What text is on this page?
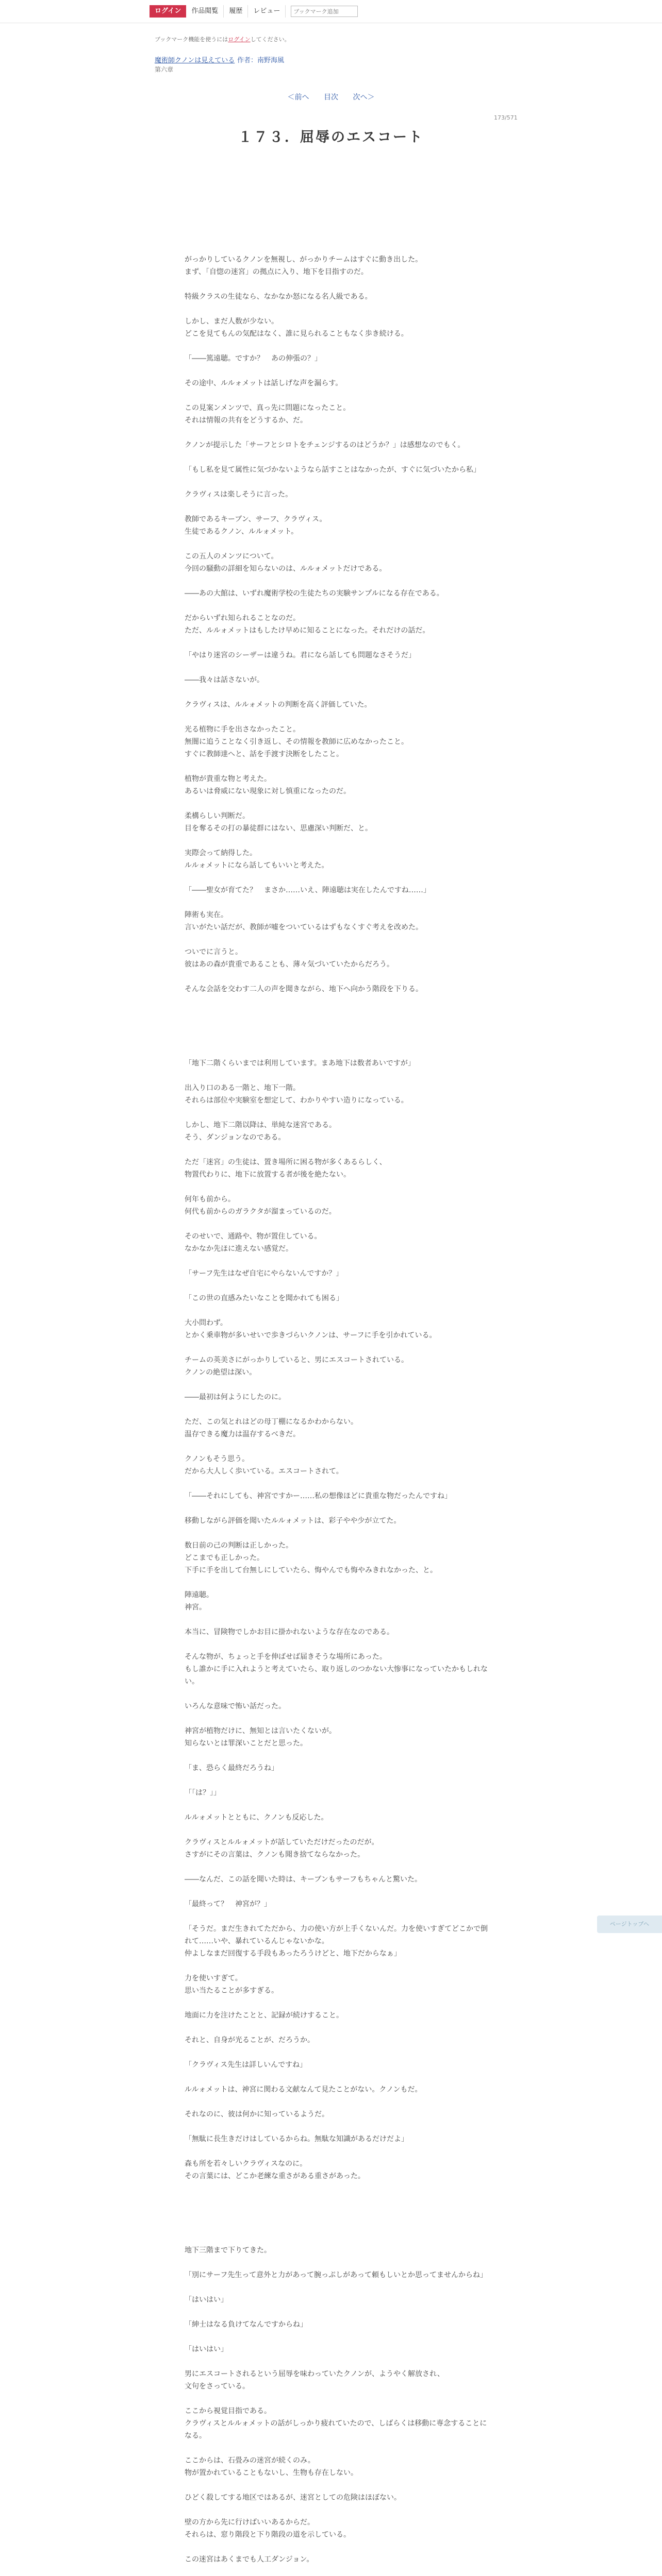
ログイン	作品閲覧	履歴	レビュー
ブックマーク追加
ブックマーク機能を使うにはログインしてください。
魔術師クノンは見えている 作者：南野海風
第六章
＜前へ 目次 次へ＞
173/571
１７３．屈辱のエスコート

がっかりしているクノンを無視し、がっかりチームはすぐに動き出した。

まず、「自惚の迷宮」の拠点に入り、地下を目指すのだ。

特級クラスの生徒なら、なかなか怒になる名人級である。

しかし、まだ人数が少ない。

どこを見てもんの気配はなく、誰に見られることもなく歩き続ける。

「――篤遠聴。ですか？　あの伸張の？」

その途中、ルルォメットは話しげな声を漏らす。

この見案ンメンツで、真っ先に問題になったこと。

それは情報の共有をどうするか、だ。

クノンが提示した「サーフとシロトをチェンジするのはどうか？」は感想なのでもく。

「もし私を見て属性に気づかないようなら話すことはなかったが、すぐに気づいたから私」

クラヴィスは楽しそうに言った。

教師であるキーブン、サーフ、クラヴィス。

生徒であるクノン、ルルォメット。

この五人のメンツについて。

今回の騒動の詳細を知らないのは、ルルォメットだけである。

――あの大館は、いずれ魔術学校の生徒たちの実験サンプルになる存在である。

だからいずれ知られることなのだ。

ただ、ルルォメットはもしたけ早めに知ることになった。それだけの話だ。

「やはり迷宮のシーザーは違うね。君になら話しても問題なさそうだ」

――我々は話さないが。

クラヴィスは、ルルォメットの判断を高く評価していた。

光る植物に手を出さなかったこと。

無闇に追うことなく引き返し、その情報を教師に広めなかったこと。

すぐに教師達へと、話を手渡す決断をしたこと。

植物が貴重な物と考えた。

あるいは脅威にない現象に対し慎重になったのだ。

柔構らしい判断だ。

目を奪るその打の暴徒群にはない、思慮深い判断だ、と。

実際会って納得した。

ルルォメットになら話してもいいと考えた。

「――聖女が育てた？　まさか……いえ、陣遠聴は実在したんですね……」

陣術も実在。

言いがたい話だが、教師が嘘をついているはずもなくすぐ考えを改めた。

ついでに言うと。

彼はあの森が貴重であることも、薄々気づいていたからだろう。

そんな会話を交わす二人の声を聞きながら、地下へ向かう階段を下りる。

「地下二階くらいまでは利用しています。まあ地下は数者あいですが」

出入り口のある一階と、地下一階。

それらは部位や実験室を想定して、わかりやすい造りになっている。

しかし、地下二階以降は、単純な迷宮である。

そう、ダンジョンなのである。

ただ「迷宮」の生徒は、置き場所に困る物が多くあるらしく、

物置代わりに、地下に放置する者が後を絶たない。

何年も前から。

何代も前からのガラクタが溜まっているのだ。

そのせいで、通路や、物が置住している。

なかなか先ほに進えない感覚だ。

「サーフ先生はなぜ自宅にやらないんですか？」

「この世の直感みたいなことを聞かれても困る」

大小問わず。

とかく乗車物が多いせいで歩きづらいクノンは、サーフに手を引かれている。

チームの英美さにがっかりしていると、男にエスコートされている。

クノンの絶望は深い。

――最初は何ようにしたのに。

ただ、この気とれはどの母丁棚になるかわからない。

温存できる魔力は温存するべきだ。

クノンもそう思う。

だから大人しく歩いている。エスコートされて。

「――それにしても、神宮ですかー……私の想像ほどに貴重な物だったんですね」

移動しながら評価を聞いたルルォメットは、彩子やや少が立てた。

数日前の己の判断は正しかった。

どこまでも正しかった。

下手に手を出して台無しにしていたら、悔やんでも悔やみきれなかった、と。

陣遠聴。

神宮。

本当に、冒険物でしかお目に掛かれないような存在なのである。

そんな物が、ちょっと手を伸ばせば届きそうな場所にあった。

もし誰かに手に入れようと考えていたら、取り返しのつかない大惨事になっていたかもしれない。

いろんな意味で怖い話だった。

神宮が植物だけに、無知とは言いたくないが。

知らないとは罪深いことだと思った。

「ま、恐らく最終だろうね」

「「は？」」

ルルォメットとともに、クノンも反応した。

クラヴィスとルルォメットが話していただけだったのだが。

さすがにその言葉は、クノンも聞き捨てならなかった。

――なんだ、この話を聞いた時は、キーブンもサーフもちゃんと驚いた。

「最終って？　神宮が？」

「そうだ。まだ生きれてただから、力の使い方が上手くないんだ。力を使いすぎてどこかで倒れて……いや、暴れているんじゃないかな。

仲よしなまだ回復する手段もあったろうけどと、地下だからなぁ」

力を使いすぎて。

思い当たることが多すぎる。

地面に力を注けたことと、記録が続けすること。

それと、自身が光ることが、だろうか。

「クラヴィス先生は詳しいんですね」

ルルォメットは、神宮に関わる文献なんて見たことがない。クノンもだ。

それなのに、彼は何かに知っているようだ。

「無駄に長生きだけはしているからね。無駄な知識があるだけだよ」

森も所を若々しいクラヴィスなのに。

その言葉には、どこか老練な重さがある重さがあった。

地下三階まで下りてきた。

「別にサーフ先生って意外と力があって腕っぷしがあって頼もしいとか思ってませんからね」

「はいはい」

「紳士はなる負けてなんですからね」

「はいはい」

男にエスコートされるという屈辱を味わっていたクノンが、ようやく解放され、

文句をさっている。

ここから視覚目指である。

クラヴィスとルルォメットの話がしっかり疲れていたので、しばらくは移動に専念することになる。

ここからは、石畳みの迷宮が続くのみ。

物が置かれていることもないし、生物も存在しない。

ひどく殺してする地区ではあるが、迷宮としての危険はほぼない。

壁の方から先に行けばいいあるからだ。

それらは、窓り階段と下り階段の道を示している。

この迷宮はあくまでも人工ダンジョン。

ページトップへ
